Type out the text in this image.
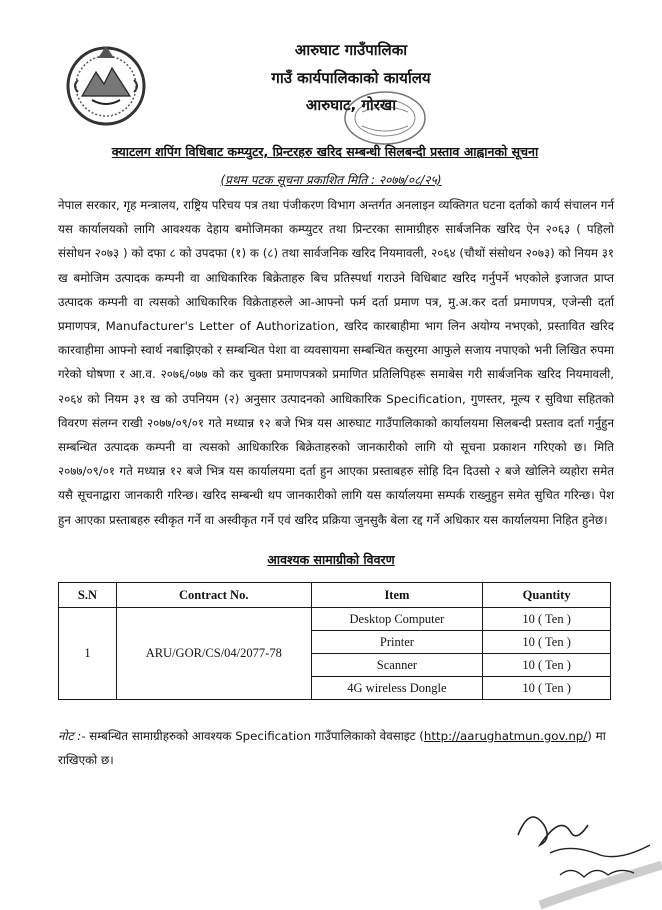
आरुघाट गाउँपालिका
गाउँ कार्यपालिकाको कार्यालय
आरुघाट, गोरखा
क्याटलग शपिंग विधिबाट कम्प्युटर, प्रिन्टरहरु खरिद सम्बन्धी सिलबन्दी प्रस्ताव आह्वानको सूचना
(प्रथम पटक सूचना प्रकाशित मिति : २०७७/०८/२५)

नेपाल सरकार, गृह मन्त्रालय, राष्ट्रिय परिचय पत्र तथा पंजीकरण विभाग अन्तर्गत अनलाइन व्यक्तिगत घटना दर्ताको कार्य संचालन गर्न यस कार्यालयको लागि आवश्यक देहाय बमोजिमका कम्प्युटर तथा प्रिन्टरका सामाग्रीहरु सार्बजनिक खरिद ऐन २०६३ ( पहिलो संसोधन २०७३ ) को दफा ८ को उपदफा (१) क (८) तथा सार्वजनिक खरिद नियमावली, २०६४ (चौथों संसोधन २०७३) को नियम ३१ ख बमोजिम उत्पादक कम्पनी वा आधिकारिक बिक्रेताहरु बिच प्रतिस्पर्धा गराउने विधिबाट खरिद गर्नुपर्ने भएकोले इजाजत प्राप्त उत्पादक कम्पनी वा त्यसको आधिकारिक विक्रेताहरुले आ-आफ्नो फर्म दर्ता प्रमाण पत्र, मु.अ.कर दर्ता प्रमाणपत्र, एजेन्सी दर्ता प्रमाणपत्र, Manufacturer's Letter of Authorization, खरिद कारबाहीमा भाग लिन अयोग्य नभएको, प्रस्तावित खरिद कारवाहीमा आफ्नो स्वार्थ नबाझिएको र सम्बन्धित पेशा वा व्यवसायमा सम्बन्धित कसुरमा आफुले सजाय नपाएको भनी लिखित रुपमा गरेको घोषणा र आ.व. २०७६/०७७ को कर चुक्ता प्रमाणपत्रको प्रमाणित प्रतिलिपिहरू समाबेस गरी सार्बजनिक खरिद नियमावली, २०६४ को नियम ३१ ख को उपनियम (२) अनुसार उत्पादनको आधिकारिक Specification, गुणस्तर, मूल्य र सुविधा सहितको विवरण संलग्न राखी २०७७/०९/०१ गते मध्यान्न १२ बजे भित्र यस आरुघाट गाउँपालिकाको कार्यालयमा सिलबन्दी प्रस्ताव दर्ता गर्नुहुन सम्बन्धित उत्पादक कम्पनी वा त्यसको आधिकारिक बिक्रेताहरुको जानकारीको लागि यो सूचना प्रकाशन गरिएको छ। मिति २०७७/०९/०१ गते मध्यान्न १२ बजे भित्र यस कार्यालयमा दर्ता हुन आएका प्रस्ताबहरु सोहि दिन दिउसो २ बजे खोलिने व्यहोरा समेत यसै सूचनाद्वारा जानकारी गरिन्छ। खरिद सम्बन्धी थप जानकारीको लागि यस कार्यालयमा सम्पर्क राख्नुहुन समेत सुचित गरिन्छ। पेश हुन आएका प्रस्ताबहरु स्वीकृत गर्ने वा अस्वीकृत गर्ने एवं खरिद प्रक्रिया जुनसुकै बेला रद्द गर्ने अधिकार यस कार्यालयमा निहित हुनेछ।

आवश्यक सामाग्रीको विवरण
S.N	Contract No.	Item	Quantity
1	ARU/GOR/CS/04/2077-78	Desktop Computer	10 ( Ten )
		Printer	10 ( Ten )
		Scanner	10 ( Ten )
		4G wireless Dongle	10 ( Ten )

नोट :- सम्बन्धित सामाग्रीहरुको आवश्यक Specification गाउँपालिकाको वेवसाइट (http://aarughatmun.gov.np/) मा राखिएको छ।
